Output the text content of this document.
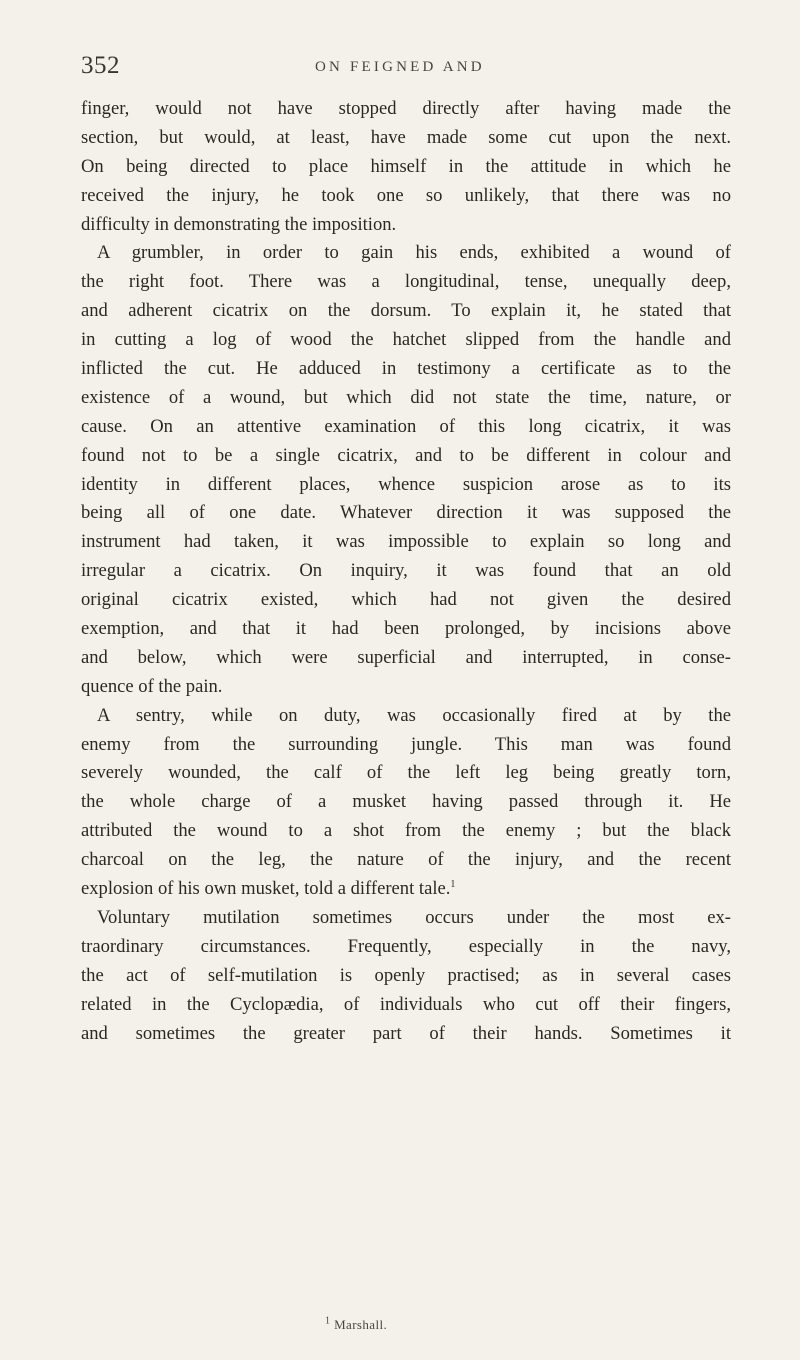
352	ON FEIGNED AND
finger, would not have stopped directly after having made the
section, but would, at least, have made some cut upon the next.
On being directed to place himself in the attitude in which he
received the injury, he took one so unlikely, that there was no
difficulty in demonstrating the imposition.
A grumbler, in order to gain his ends, exhibited a wound of
the right foot. There was a longitudinal, tense, unequally deep,
and adherent cicatrix on the dorsum. To explain it, he stated that
in cutting a log of wood the hatchet slipped from the handle and
inflicted the cut. He adduced in testimony a certificate as to the
existence of a wound, but which did not state the time, nature, or
cause. On an attentive examination of this long cicatrix, it was
found not to be a single cicatrix, and to be different in colour and
identity in different places, whence suspicion arose as to its
being all of one date. Whatever direction it was supposed the
instrument had taken, it was impossible to explain so long and
irregular a cicatrix. On inquiry, it was found that an old
original cicatrix existed, which had not given the desired
exemption, and that it had been prolonged, by incisions above
and below, which were superficial and interrupted, in conse-
quence of the pain.
A sentry, while on duty, was occasionally fired at by the
enemy from the surrounding jungle. This man was found
severely wounded, the calf of the left leg being greatly torn,
the whole charge of a musket having passed through it. He
attributed the wound to a shot from the enemy ; but the black
charcoal on the leg, the nature of the injury, and the recent
explosion of his own musket, told a different tale.$^1$
Voluntary mutilation sometimes occurs under the most ex-
traordinary circumstances. Frequently, especially in the navy,
the act of self-mutilation is openly practised; as in several cases
related in the Cyclopædia, of individuals who cut off their fingers,
and sometimes the greater part of their hands. Sometimes it
$^1$ Marshall.
